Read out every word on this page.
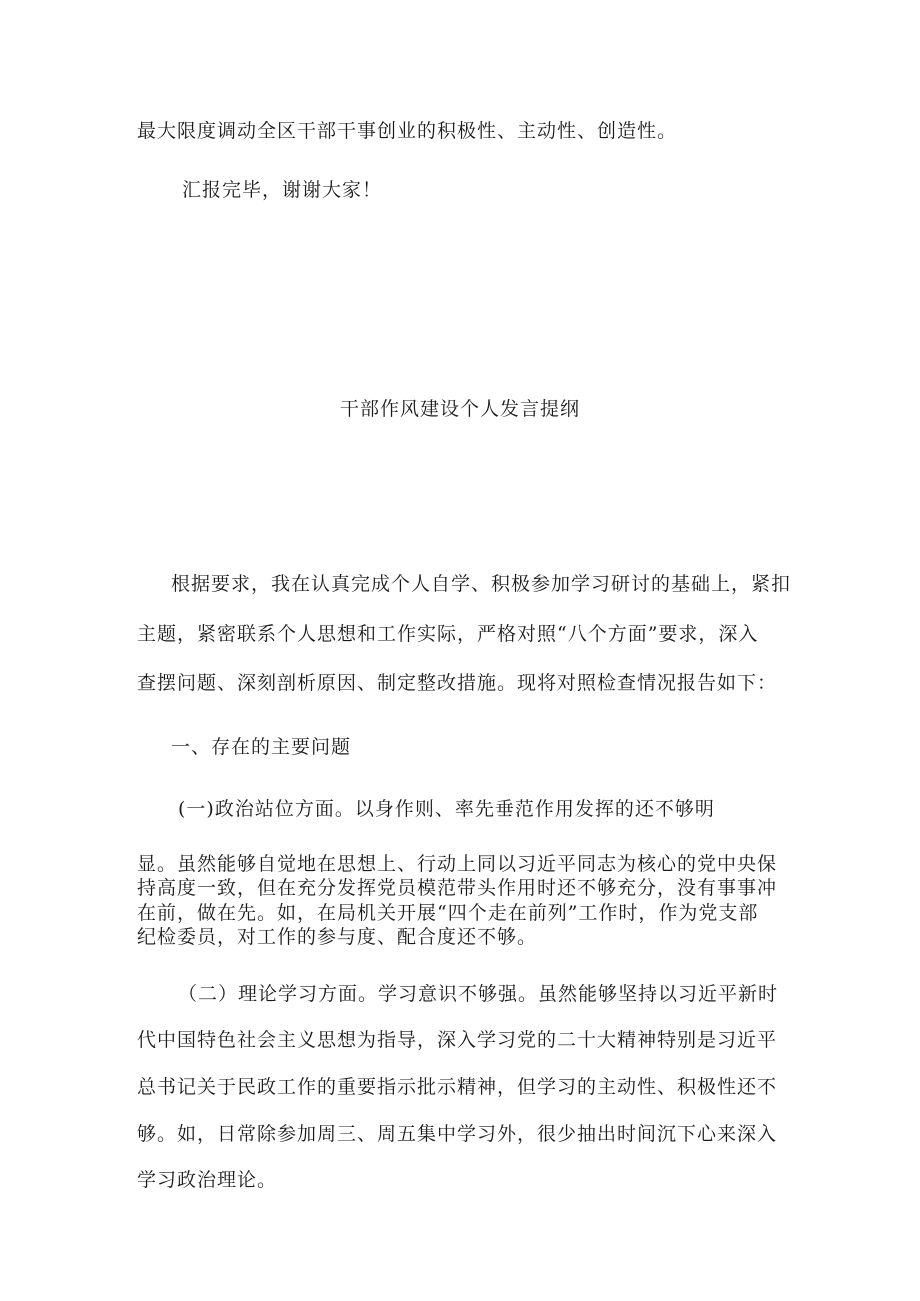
最大限度调动全区干部干事创业的积极性、主动性、创造性。
汇报完毕，谢谢大家！
干部作风建设个人发言提纲
根据要求，我在认真完成个人自学、积极参加学习研讨的基础上，紧扣
主题，紧密联系个人思想和工作实际，严格对照“八个方面”要求，深入
查摆问题、深刻剖析原因、制定整改措施。现将对照检查情况报告如下：
一、存在的主要问题
(一)政治站位方面。以身作则、率先垂范作用发挥的还不够明
显。虽然能够自觉地在思想上、行动上同以习近平同志为核心的党中央保
持高度一致，但在充分发挥党员模范带头作用时还不够充分，没有事事冲
在前，做在先。如，在局机关开展“四个走在前列”工作时，作为党支部
纪检委员，对工作的参与度、配合度还不够。
（二）理论学习方面。学习意识不够强。虽然能够坚持以习近平新时
代中国特色社会主义思想为指导，深入学习党的二十大精神特别是习近平
总书记关于民政工作的重要指示批示精神，但学习的主动性、积极性还不
够。如，日常除参加周三、周五集中学习外，很少抽出时间沉下心来深入
学习政治理论。
